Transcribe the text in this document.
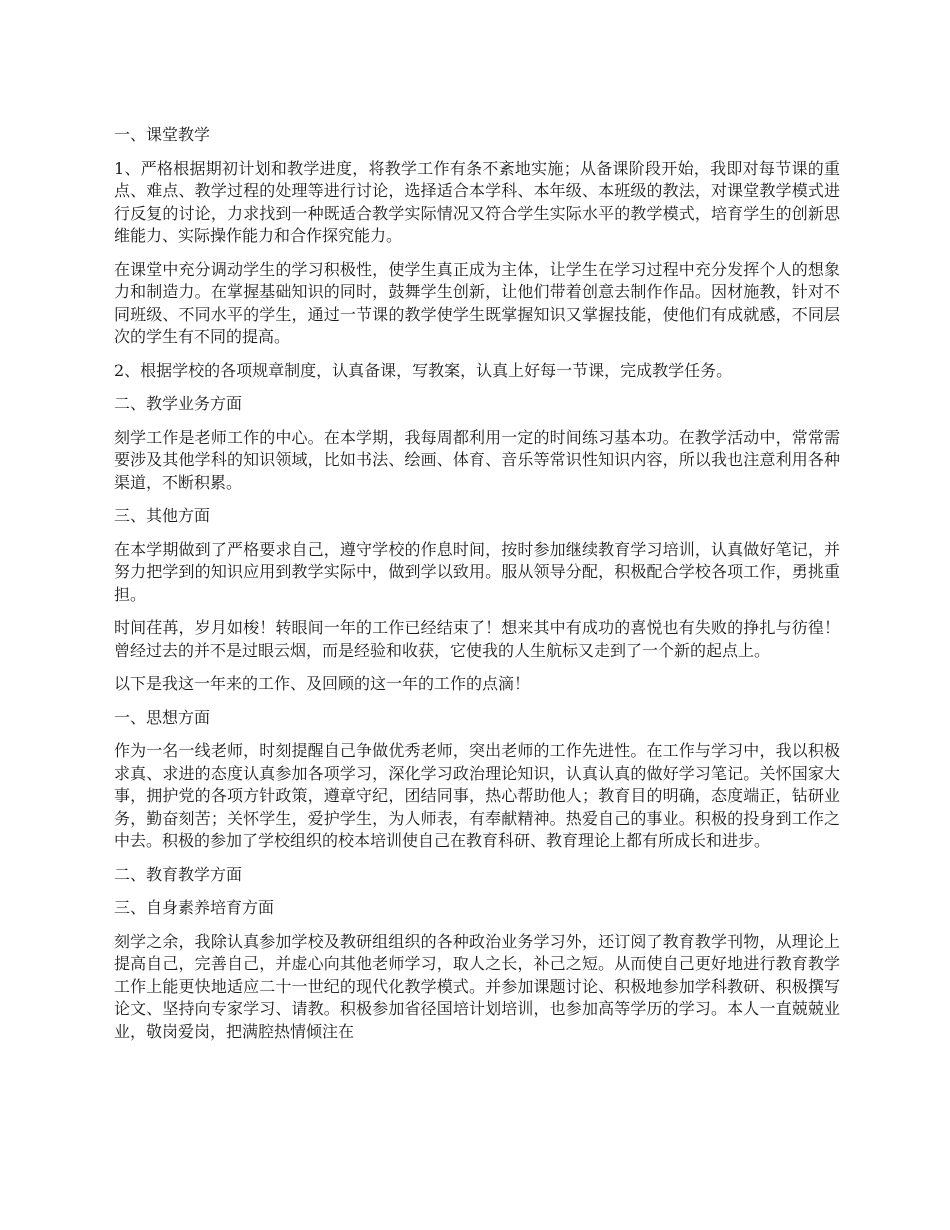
一、课堂教学

1、严格根据期初计划和教学进度，将教学工作有条不紊地实施；从备课阶段开始，我即对每节课的重点、难点、教学过程的处理等进行讨论，选择适合本学科、本年级、本班级的教法，对课堂教学模式进行反复的讨论，力求找到一种既适合教学实际情况又符合学生实际水平的教学模式，培育学生的创新思维能力、实际操作能力和合作探究能力。

在课堂中充分调动学生的学习积极性，使学生真正成为主体，让学生在学习过程中充分发挥个人的想象力和制造力。在掌握基础知识的同时，鼓舞学生创新，让他们带着创意去制作作品。因材施教，针对不同班级、不同水平的学生，通过一节课的教学使学生既掌握知识又掌握技能，使他们有成就感，不同层次的学生有不同的提高。

2、根据学校的各项规章制度，认真备课，写教案，认真上好每一节课，完成教学任务。

二、教学业务方面

刻学工作是老师工作的中心。在本学期，我每周都利用一定的时间练习基本功。在教学活动中，常常需要涉及其他学科的知识领域，比如书法、绘画、体育、音乐等常识性知识内容，所以我也注意利用各种渠道，不断积累。

三、其他方面

在本学期做到了严格要求自己，遵守学校的作息时间，按时参加继续教育学习培训，认真做好笔记，并努力把学到的知识应用到教学实际中，做到学以致用。服从领导分配，积极配合学校各项工作，勇挑重担。

时间荏苒，岁月如梭！转眼间一年的工作已经结束了！想来其中有成功的喜悦也有失败的挣扎与彷徨！曾经过去的并不是过眼云烟，而是经验和收获，它使我的人生航标又走到了一个新的起点上。

以下是我这一年来的工作、及回顾的这一年的工作的点滴！

一、思想方面

作为一名一线老师，时刻提醒自己争做优秀老师，突出老师的工作先进性。在工作与学习中，我以积极求真、求进的态度认真参加各项学习，深化学习政治理论知识，认真认真的做好学习笔记。关怀国家大事，拥护党的各项方针政策，遵章守纪，团结同事，热心帮助他人；教育目的明确，态度端正，钻研业务，勤奋刻苦；关怀学生，爱护学生，为人师表，有奉献精神。热爱自己的事业。积极的投身到工作之中去。积极的参加了学校组织的校本培训使自己在教育科研、教育理论上都有所成长和进步。

二、教育教学方面

三、自身素养培育方面

刻学之余，我除认真参加学校及教研组组织的各种政治业务学习外，还订阅了教育教学刊物，从理论上提高自己，完善自己，并虚心向其他老师学习，取人之长，补己之短。从而使自己更好地进行教育教学工作上能更快地适应二十一世纪的现代化教学模式。并参加课题讨论、积极地参加学科教研、积极撰写论文、坚持向专家学习、请教。积极参加省径国培计划培训，也参加高等学历的学习。本人一直兢兢业业，敬岗爱岗，把满腔热情倾注在
